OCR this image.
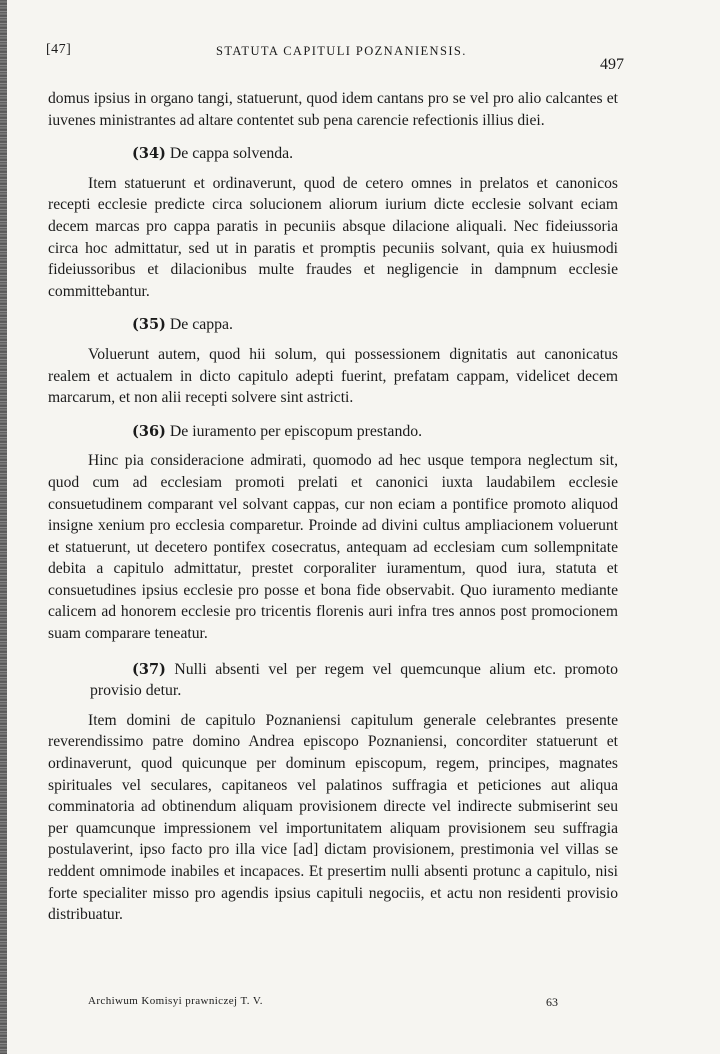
[47]	STATUTA CAPITULI POZNANIENSIS.
497

domus ipsius in organo tangi, statuerunt, quod idem cantans pro se vel pro alio calcantes et iuvenes ministrantes ad altare contentet sub pena carencie refectionis illius diei.

(34) De cappa solvenda.

Item statuerunt et ordinaverunt, quod de cetero omnes in prelatos et canonicos recepti ecclesie predicte circa solucionem aliorum iurium dicte ecclesie solvant eciam decem marcas pro cappa paratis in pecuniis absque dilacione aliquali. Nec fideiussoria circa hoc admittatur, sed ut in paratis et promptis pecuniis solvant, quia ex huiusmodi fideiussoribus et dilacionibus multe fraudes et negligencie in dampnum ecclesie committebantur.

(35) De cappa.

Voluerunt autem, quod hii solum, qui possessionem dignitatis aut canonicatus realem et actualem in dicto capitulo adepti fuerint, prefatam cappam, videlicet decem marcarum, et non alii recepti solvere sint astricti.

(36) De iuramento per episcopum prestando.

Hinc pia consideracione admirati, quomodo ad hec usque tempora neglectum sit, quod cum ad ecclesiam promoti prelati et canonici iuxta laudabilem ecclesie consuetudinem comparant vel solvant cappas, cur non eciam a pontifice promoto aliquod insigne xenium pro ecclesia comparetur. Proinde ad divini cultus ampliacionem voluerunt et statuerunt, ut decetero pontifex cosecratus, antequam ad ecclesiam cum sollempnitate debita a capitulo admittatur, prestet corporaliter iuramentum, quod iura, statuta et consuetudines ipsius ecclesie pro posse et bona fide observabit. Quo iuramento mediante calicem ad honorem ecclesie pro tricentis florenis auri infra tres annos post promocionem suam comparare teneatur.

(37) Nulli absenti vel per regem vel quemcunque alium etc. promoto provisio detur.

Item domini de capitulo Poznaniensi capitulum generale celebrantes presente reverendissimo patre domino Andrea episcopo Poznaniensi, concorditer statuerunt et ordinaverunt, quod quicunque per dominum episcopum, regem, principes, magnates spirituales vel seculares, capitaneos vel palatinos suffragia et peticiones aut aliqua comminatoria ad obtinendum aliquam provisionem directe vel indirecte submiserint seu per quamcunque impressionem vel importunitatem aliquam provisionem seu suffragia postulaverint, ipso facto pro illa vice [ad] dictam provisionem, prestimonia vel villas se reddent omnimode inabiles et incapaces. Et presertim nulli absenti protunc a capitulo, nisi forte specialiter misso pro agendis ipsius capituli negociis, et actu non residenti provisio distribuatur.

Archiwum Komisyi prawniczej T. V.	63
